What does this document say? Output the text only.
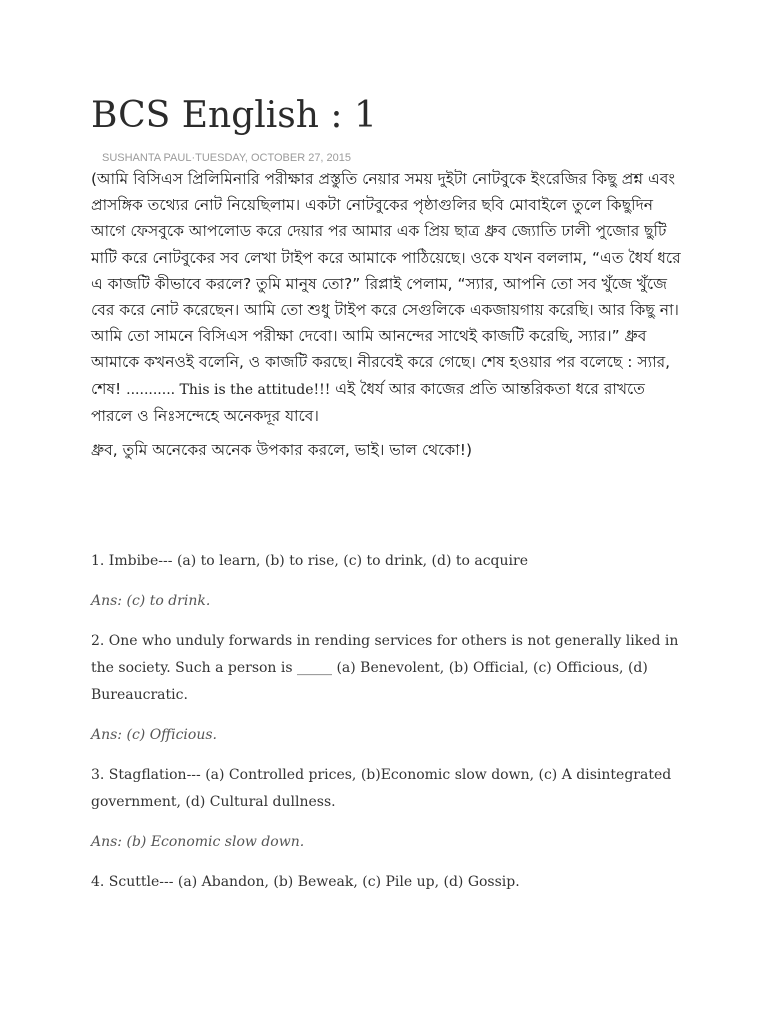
BCS English : 1
SUSHANTA PAUL·TUESDAY, OCTOBER 27, 2015

(আমি বিসিএস প্রিলিমিনারি পরীক্ষার প্রস্তুতি নেয়ার সময় দুইটা নোটবুকে ইংরেজির কিছু প্রশ্ন এবং প্রাসঙ্গিক তথ্যের নোট নিয়েছিলাম। একটা নোটবুকের পৃষ্ঠাগুলির ছবি মোবাইলে তুলে কিছুদিন আগে ফেসবুকে আপলোড করে দেয়ার পর আমার এক প্রিয় ছাত্র ধ্রুব জ্যোতি ঢালী পুজোর ছুটি মাটি করে নোটবুকের সব লেখা টাইপ করে আমাকে পাঠিয়েছে। ওকে যখন বললাম, “এত ধৈর্য ধরে এ কাজটি কীভাবে করলে? তুমি মানুষ তো?” রিপ্লাই পেলাম, “স্যার, আপনি তো সব খুঁজে খুঁজে বের করে নোট করেছেন। আমি তো শুধু টাইপ করে সেগুলিকে একজায়গায় করেছি। আর কিছু না। আমি তো সামনে বিসিএস পরীক্ষা দেবো। আমি আনন্দের সাথেই কাজটি করেছি, স্যার।” ধ্রুব আমাকে কখনওই বলেনি, ও কাজটি করছে। নীরবেই করে গেছে। শেষ হওয়ার পর বলেছে : স্যার, শেষ! ........... This is the attitude!!! এই ধৈর্য আর কাজের প্রতি আন্তরিকতা ধরে রাখতে পারলে ও নিঃসন্দেহে অনেকদূর যাবে।

ধ্রুব, তুমি অনেকের অনেক উপকার করলে, ভাই। ভাল থেকো!)

1. Imbibe--- (a) to learn, (b) to rise, (c) to drink, (d) to acquire

Ans: (c) to drink.

2. One who unduly forwards in rending services for others is not generally liked in the society. Such a person is _____ (a) Benevolent, (b) Official, (c) Officious, (d) Bureaucratic.

Ans: (c) Officious.

3. Stagflation--- (a) Controlled prices, (b)Economic slow down, (c) A disintegrated government, (d) Cultural dullness.

Ans: (b) Economic slow down.

4. Scuttle--- (a) Abandon, (b) Beweak, (c) Pile up, (d) Gossip.
